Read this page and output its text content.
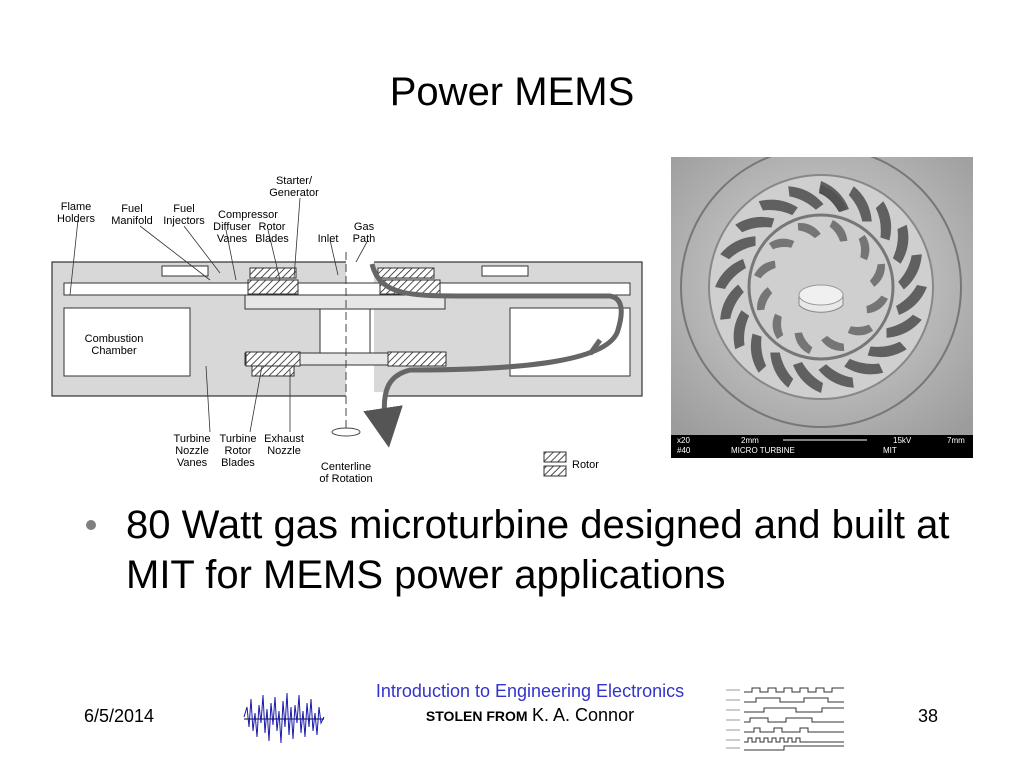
Power MEMS
Flame
Holders
Fuel
Manifold
Fuel
Injectors
Starter/
Generator
Compressor
Diffuser
Vanes
Rotor
Blades	Inlet
Gas
Path
Combustion
Chamber
Turbine
Nozzle
Vanes
Turbine
Rotor
Blades
Exhaust
Nozzle
Centerline
of Rotation
Rotor
x20
#40
2mm
MICRO TURBINE
15kV
MIT
7mm
80 Watt gas microturbine designed and built at MIT for MEMS power applications
6/5/2014
Introduction to Engineering Electronics
STOLEN FROM K. A. Connor	38
